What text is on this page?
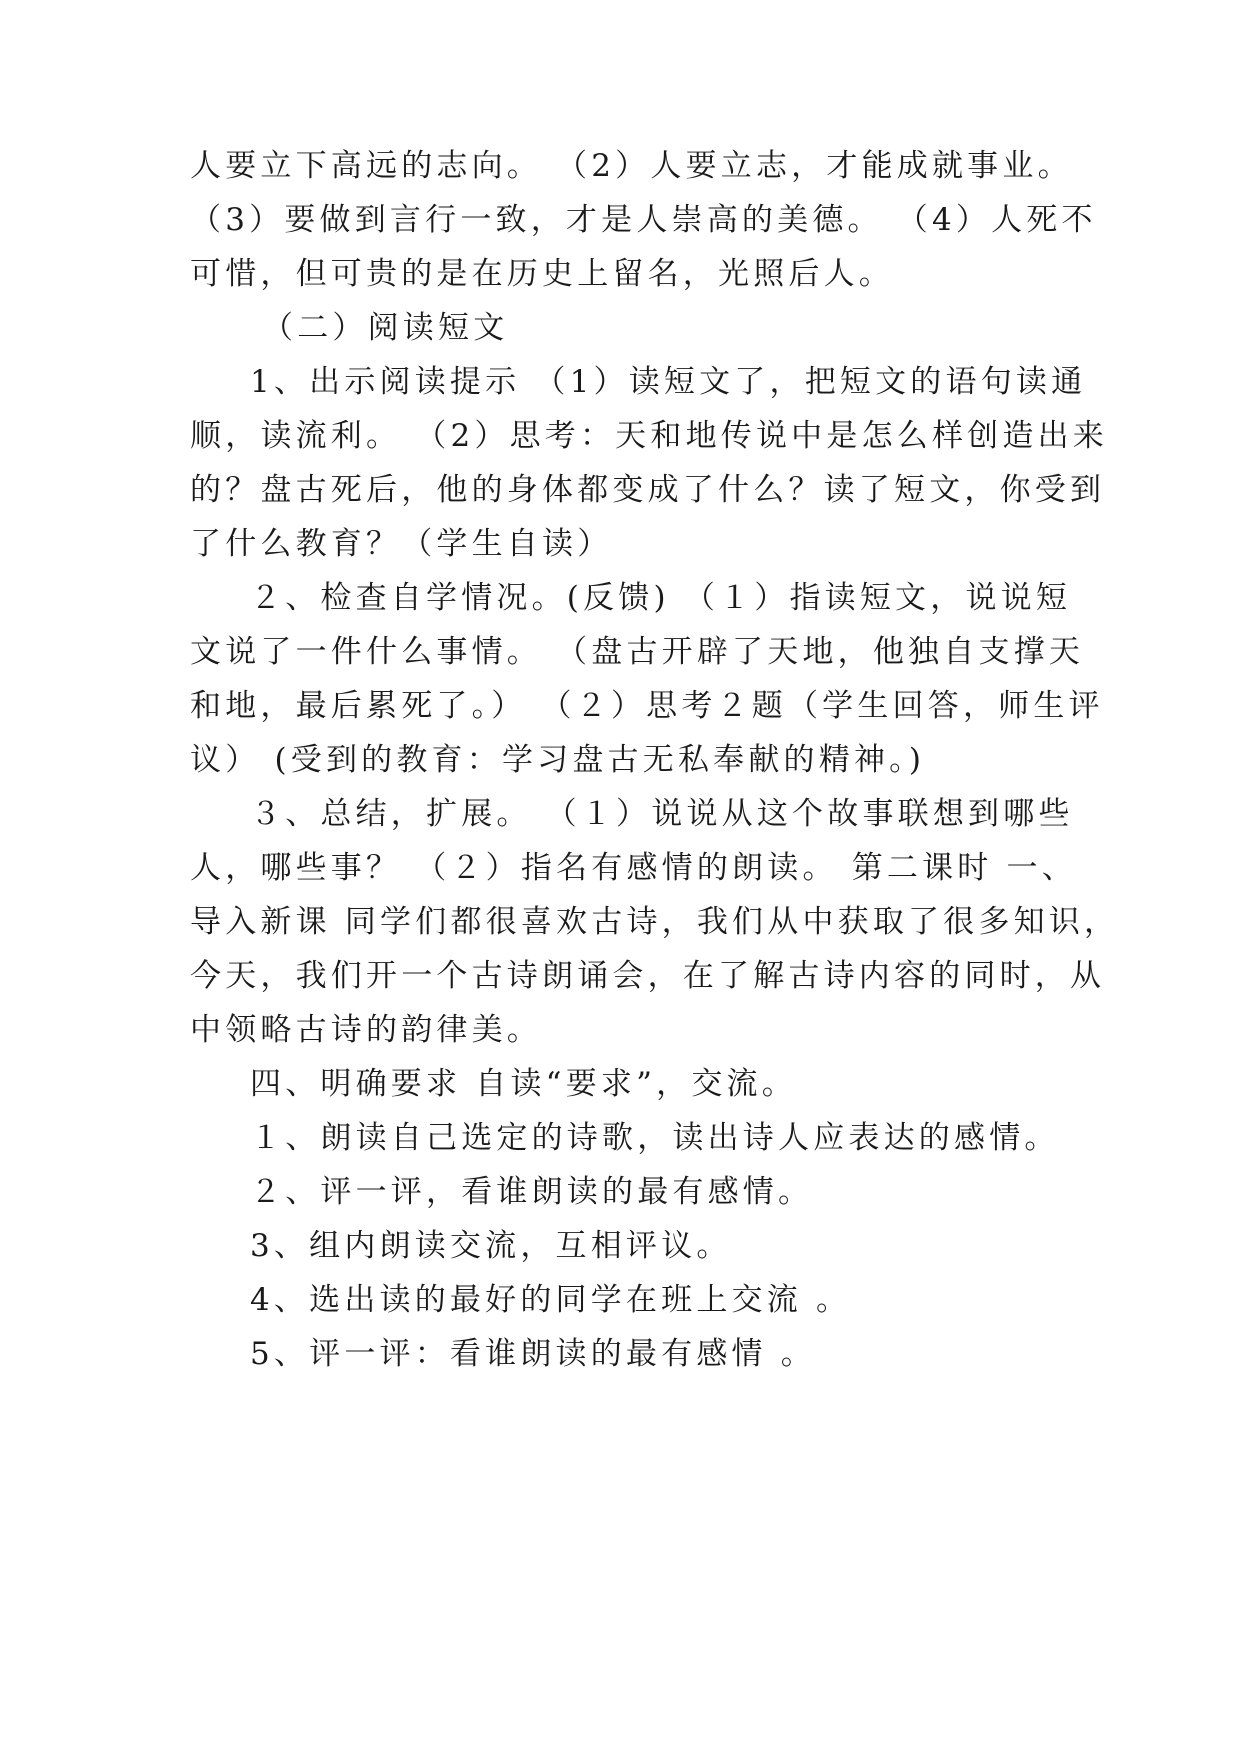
人要立下高远的志向。 （2）人要立志，才能成就事业。
（3）要做到言行一致，才是人崇高的美德。 （4）人死不
可惜，但可贵的是在历史上留名，光照后人。
（二）阅读短文
1、出示阅读提示 （1）读短文了，把短文的语句读通
顺，读流利。 （2）思考：天和地传说中是怎么样创造出来
的？盘古死后，他的身体都变成了什么？读了短文，你受到
了什么教育？（学生自读）
２、检查自学情况。(反馈) （１）指读短文，说说短
文说了一件什么事情。 （盘古开辟了天地，他独自支撑天
和地，最后累死了。） （２）思考２题（学生回答，师生评
议） (受到的教育：学习盘古无私奉献的精神。)
３、总结，扩展。 （１）说说从这个故事联想到哪些
人，哪些事？ （２）指名有感情的朗读。 第二课时 一、
导入新课 同学们都很喜欢古诗，我们从中获取了很多知识，
今天，我们开一个古诗朗诵会，在了解古诗内容的同时，从
中领略古诗的韵律美。
四、明确要求 自读“要求”，交流。
１、朗读自己选定的诗歌，读出诗人应表达的感情。
２、评一评，看谁朗读的最有感情。
3、组内朗读交流，互相评议。
4、选出读的最好的同学在班上交流 。
5、评一评：看谁朗读的最有感情 。
